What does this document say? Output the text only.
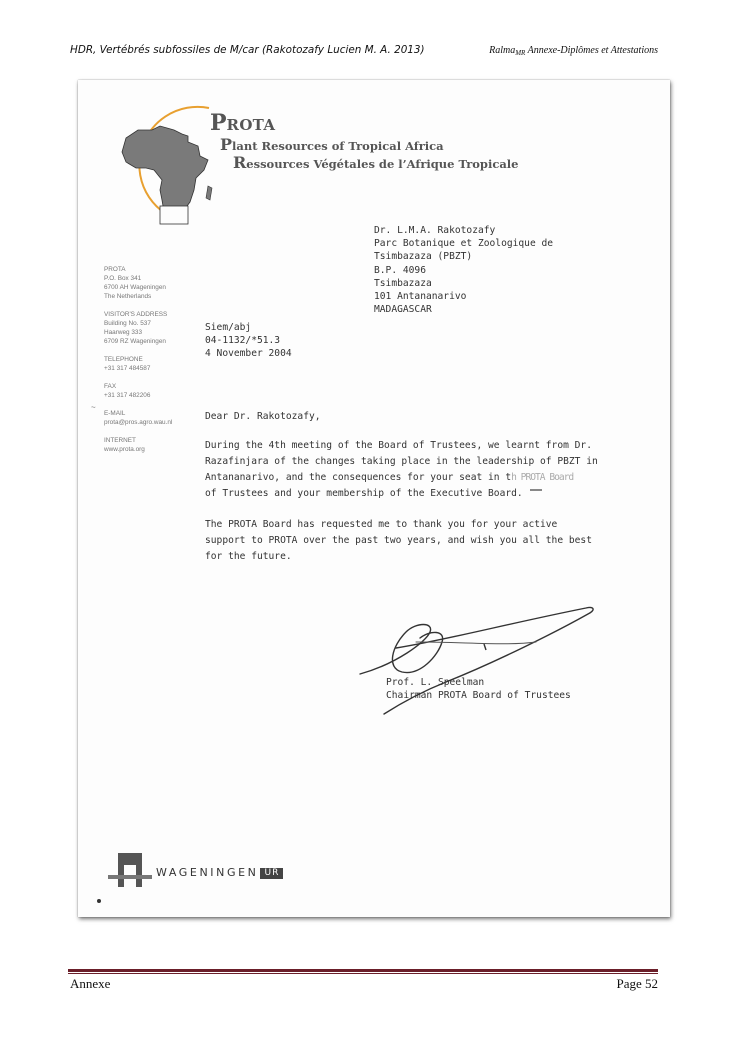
HDR, Vertébrés subfossiles de M/car (Rakotozafy Lucien M. A. 2013)	Ralma$_{MR}$ Annexe-Diplômes et Attestations
PROTA
Plant Resources of Tropical Africa
Ressources Végétales de l’Afrique Tropicale
Dr. L.M.A. Rakotozafy
Parc Botanique et Zoologique de
Tsimbazaza (PBZT)
B.P. 4096
Tsimbazaza
101 Antananarivo
MADAGASCAR
PROTA
P.O. Box 341
6700 AH Wageningen
The Netherlands
VISITOR'S ADDRESS
Building No. 537
Haarweg 333
6709 RZ Wageningen
TELEPHONE
+31 317 484587
FAX
+31 317 482206
E-MAIL
prota@pros.agro.wau.nl
INTERNET
www.prota.org
~
Siem/abj
04-1132/*51.3
4 November 2004
Dear Dr. Rakotozafy,
During the 4th meeting of the Board of Trustees, we learnt from Dr.
Razafinjara of the changes taking place in the leadership of PBZT in
Antananarivo, and the consequences for your seat in th PROTA Board
of Trustees and your membership of the Executive Board.
The PROTA Board has requested me to thank you for your active
support to PROTA over the past two years, and wish you all the best
for the future.
Prof. L. Speelman
Chairman PROTA Board of Trustees
WAGENINGEN UR
Annexe	Page 52
